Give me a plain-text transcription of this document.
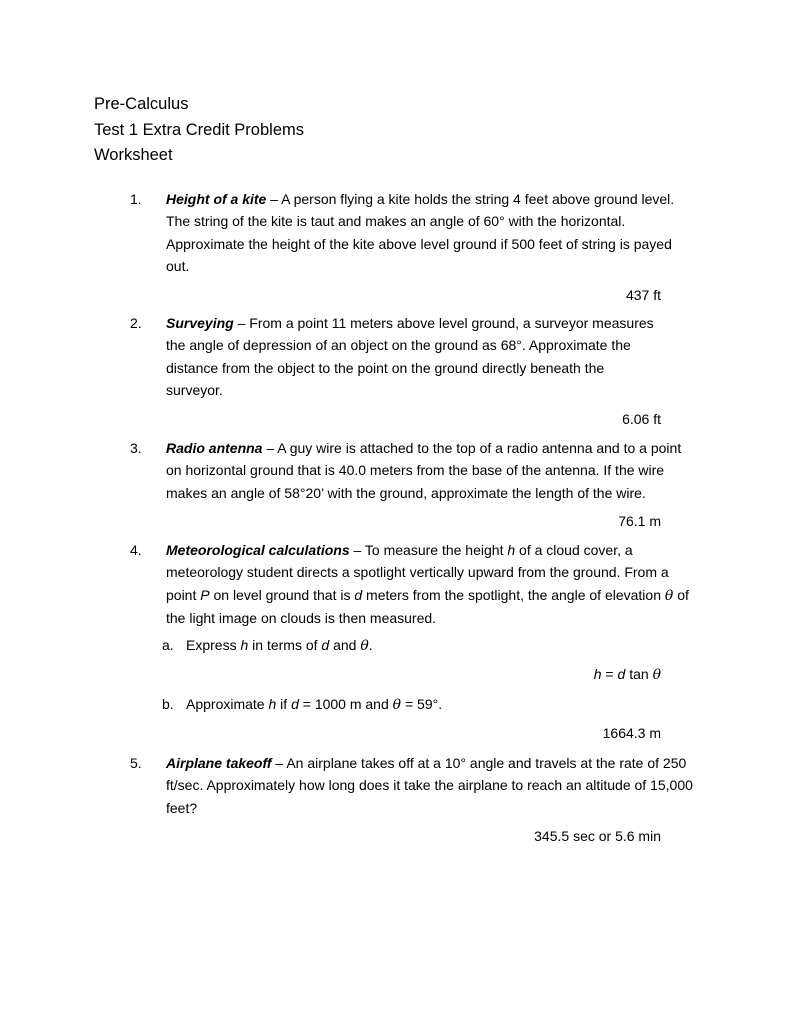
Pre-Calculus
Test 1 Extra Credit Problems
Worksheet
1. Height of a kite – A person flying a kite holds the string 4 feet above ground level. The string of the kite is taut and makes an angle of 60° with the horizontal. Approximate the height of the kite above level ground if 500 feet of string is payed out.
437 ft
2. Surveying – From a point 11 meters above level ground, a surveyor measures the angle of depression of an object on the ground as 68°. Approximate the distance from the object to the point on the ground directly beneath the surveyor.
6.06 ft
3. Radio antenna – A guy wire is attached to the top of a radio antenna and to a point on horizontal ground that is 40.0 meters from the base of the antenna. If the wire makes an angle of 58°20’ with the ground, approximate the length of the wire.
76.1 m
4. Meteorological calculations – To measure the height h of a cloud cover, a meteorology student directs a spotlight vertically upward from the ground. From a point P on level ground that is d meters from the spotlight, the angle of elevation θ of the light image on clouds is then measured.
a. Express h in terms of d and θ.
h = d tan θ
b. Approximate h if d = 1000 m and θ = 59°.
1664.3 m
5. Airplane takeoff – An airplane takes off at a 10° angle and travels at the rate of 250 ft/sec. Approximately how long does it take the airplane to reach an altitude of 15,000 feet?
345.5 sec or 5.6 min
